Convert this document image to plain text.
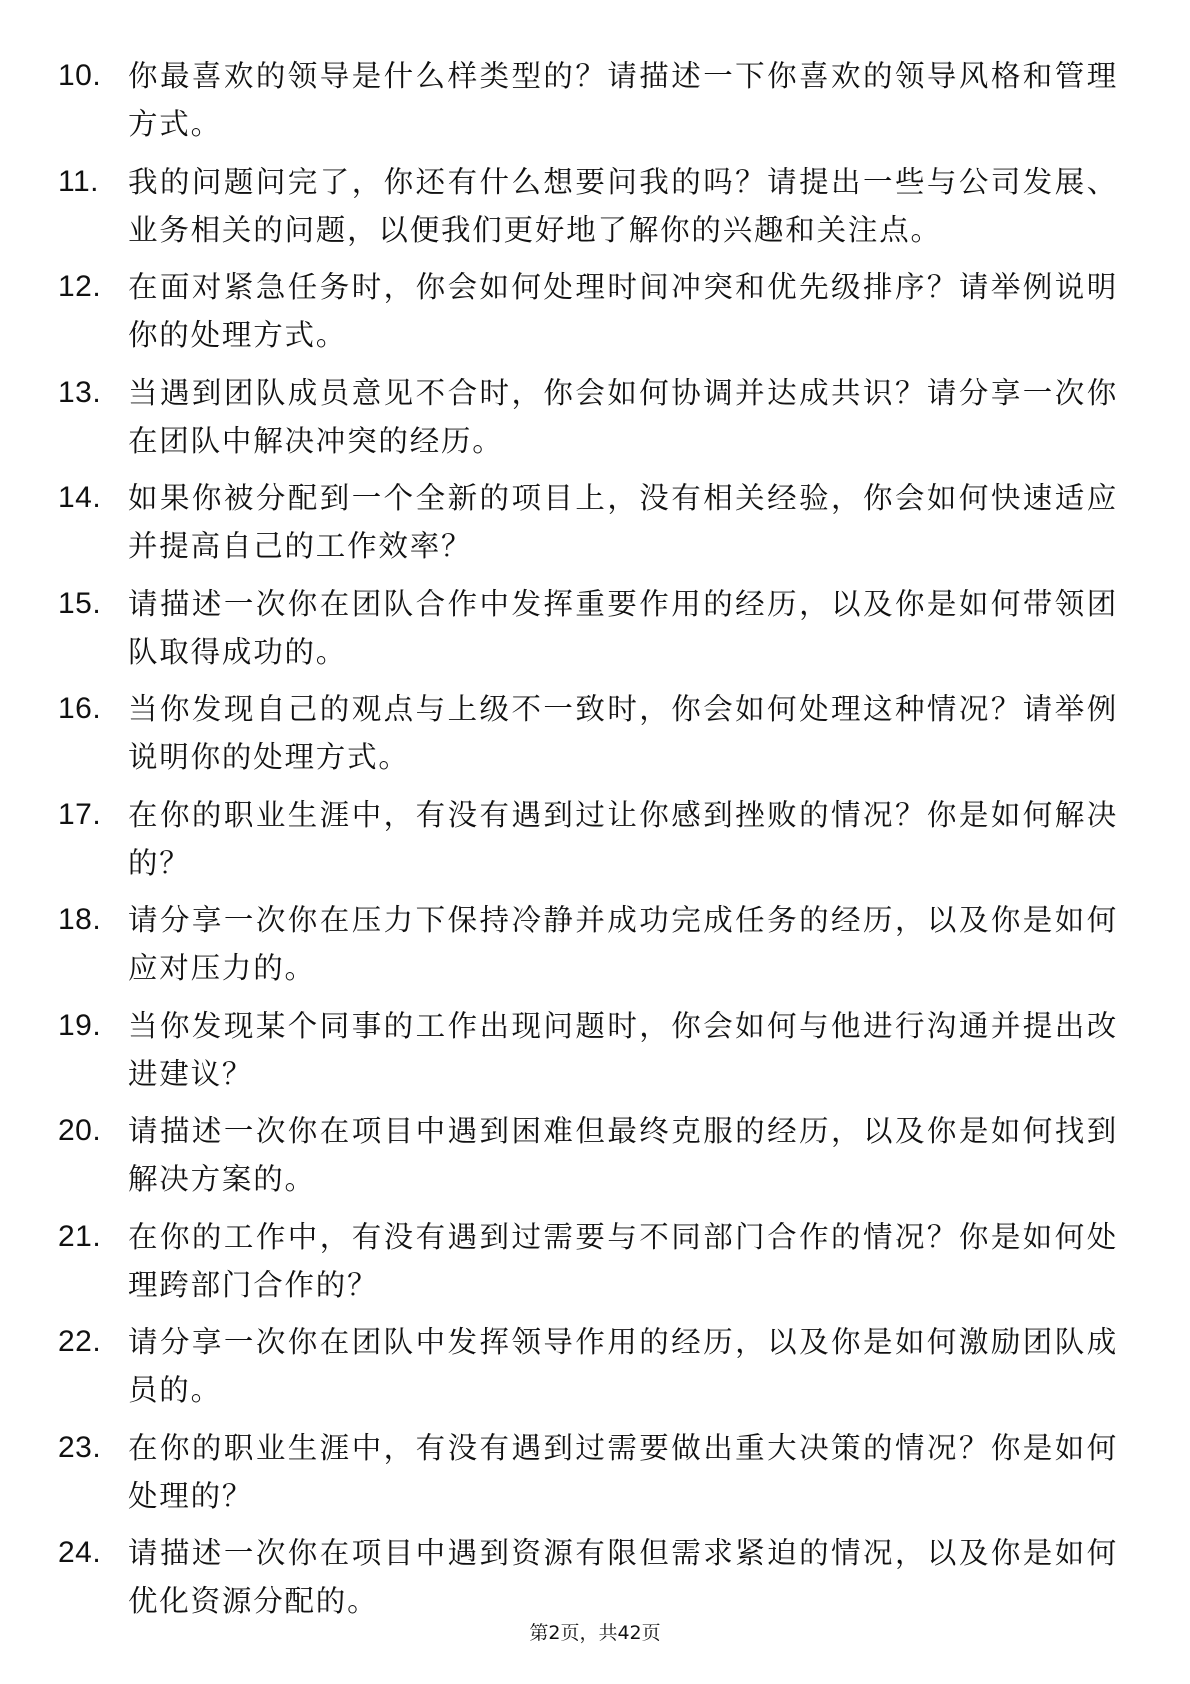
10. 你最喜欢的领导是什么样类型的？请描述一下你喜欢的领导风格和管理方式。
11. 我的问题问完了，你还有什么想要问我的吗？请提出一些与公司发展、业务相关的问题，以便我们更好地了解你的兴趣和关注点。
12. 在面对紧急任务时，你会如何处理时间冲突和优先级排序？请举例说明你的处理方式。
13. 当遇到团队成员意见不合时，你会如何协调并达成共识？请分享一次你在团队中解决冲突的经历。
14. 如果你被分配到一个全新的项目上，没有相关经验，你会如何快速适应并提高自己的工作效率？
15. 请描述一次你在团队合作中发挥重要作用的经历，以及你是如何带领团队取得成功的。
16. 当你发现自己的观点与上级不一致时，你会如何处理这种情况？请举例说明你的处理方式。
17. 在你的职业生涯中，有没有遇到过让你感到挫败的情况？你是如何解决的？
18. 请分享一次你在压力下保持冷静并成功完成任务的经历，以及你是如何应对压力的。
19. 当你发现某个同事的工作出现问题时，你会如何与他进行沟通并提出改进建议？
20. 请描述一次你在项目中遇到困难但最终克服的经历，以及你是如何找到解决方案的。
21. 在你的工作中，有没有遇到过需要与不同部门合作的情况？你是如何处理跨部门合作的？
22. 请分享一次你在团队中发挥领导作用的经历，以及你是如何激励团队成员的。
23. 在你的职业生涯中，有没有遇到过需要做出重大决策的情况？你是如何处理的？
24. 请描述一次你在项目中遇到资源有限但需求紧迫的情况，以及你是如何优化资源分配的。
第2页，共42页
